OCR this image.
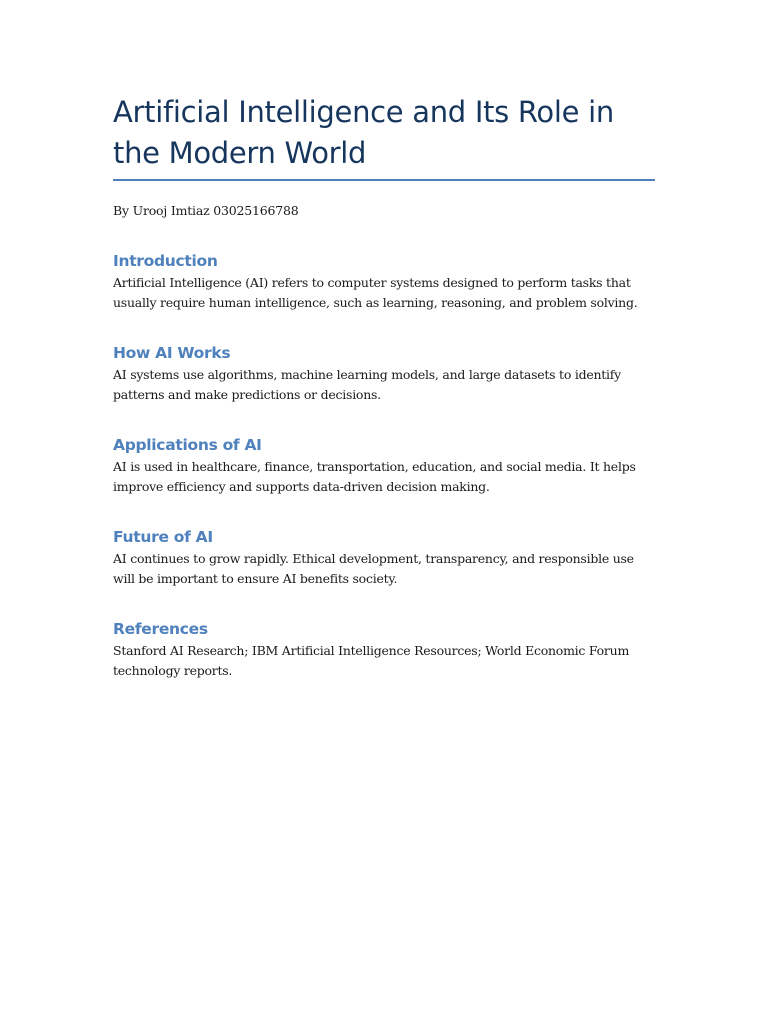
Artificial Intelligence and Its Role in the Modern World

By Urooj Imtiaz 03025166788

Introduction

Artificial Intelligence (AI) refers to computer systems designed to perform tasks that usually require human intelligence, such as learning, reasoning, and problem solving.

How AI Works

AI systems use algorithms, machine learning models, and large datasets to identify patterns and make predictions or decisions.

Applications of AI

AI is used in healthcare, finance, transportation, education, and social media. It helps improve efficiency and supports data-driven decision making.

Future of AI

AI continues to grow rapidly. Ethical development, transparency, and responsible use will be important to ensure AI benefits society.

References

Stanford AI Research; IBM Artificial Intelligence Resources; World Economic Forum technology reports.
